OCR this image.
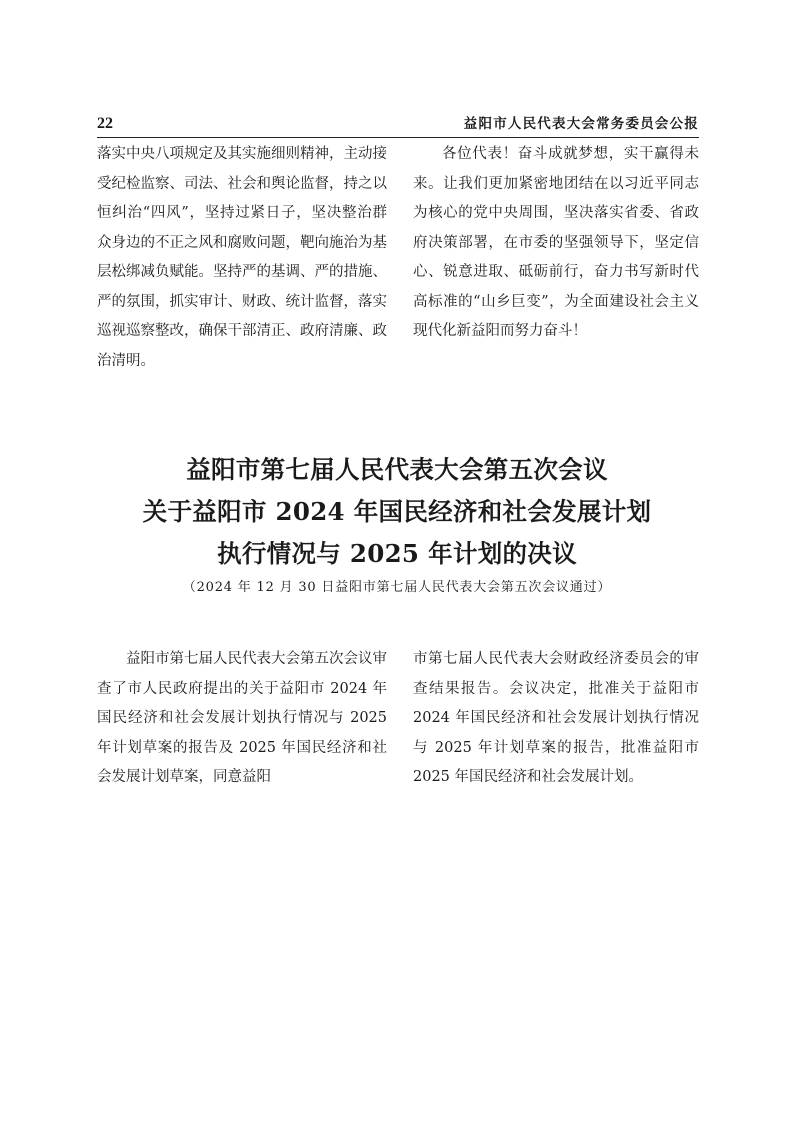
22	益阳市人民代表大会常务委员会公报

落实中央八项规定及其实施细则精神，主动接受纪检监察、司法、社会和舆论监督，持之以恒纠治“四风”，坚持过紧日子，坚决整治群众身边的不正之风和腐败问题，靶向施治为基层松绑减负赋能。坚持严的基调、严的措施、严的氛围，抓实审计、财政、统计监督，落实巡视巡察整改，确保干部清正、政府清廉、政治清明。

各位代表！奋斗成就梦想，实干赢得未来。让我们更加紧密地团结在以习近平同志为核心的党中央周围，坚决落实省委、省政府决策部署，在市委的坚强领导下，坚定信心、锐意进取、砥砺前行，奋力书写新时代高标准的“山乡巨变”，为全面建设社会主义现代化新益阳而努力奋斗！

益阳市第七届人民代表大会第五次会议
关于益阳市 2024 年国民经济和社会发展计划
执行情况与 2025 年计划的决议
（2024 年 12 月 30 日益阳市第七届人民代表大会第五次会议通过）

益阳市第七届人民代表大会第五次会议审查了市人民政府提出的关于益阳市 2024 年国民经济和社会发展计划执行情况与 2025 年计划草案的报告及 2025 年国民经济和社会发展计划草案，同意益阳

市第七届人民代表大会财政经济委员会的审查结果报告。会议决定，批准关于益阳市 2024 年国民经济和社会发展计划执行情况与 2025 年计划草案的报告，批准益阳市 2025 年国民经济和社会发展计划。
